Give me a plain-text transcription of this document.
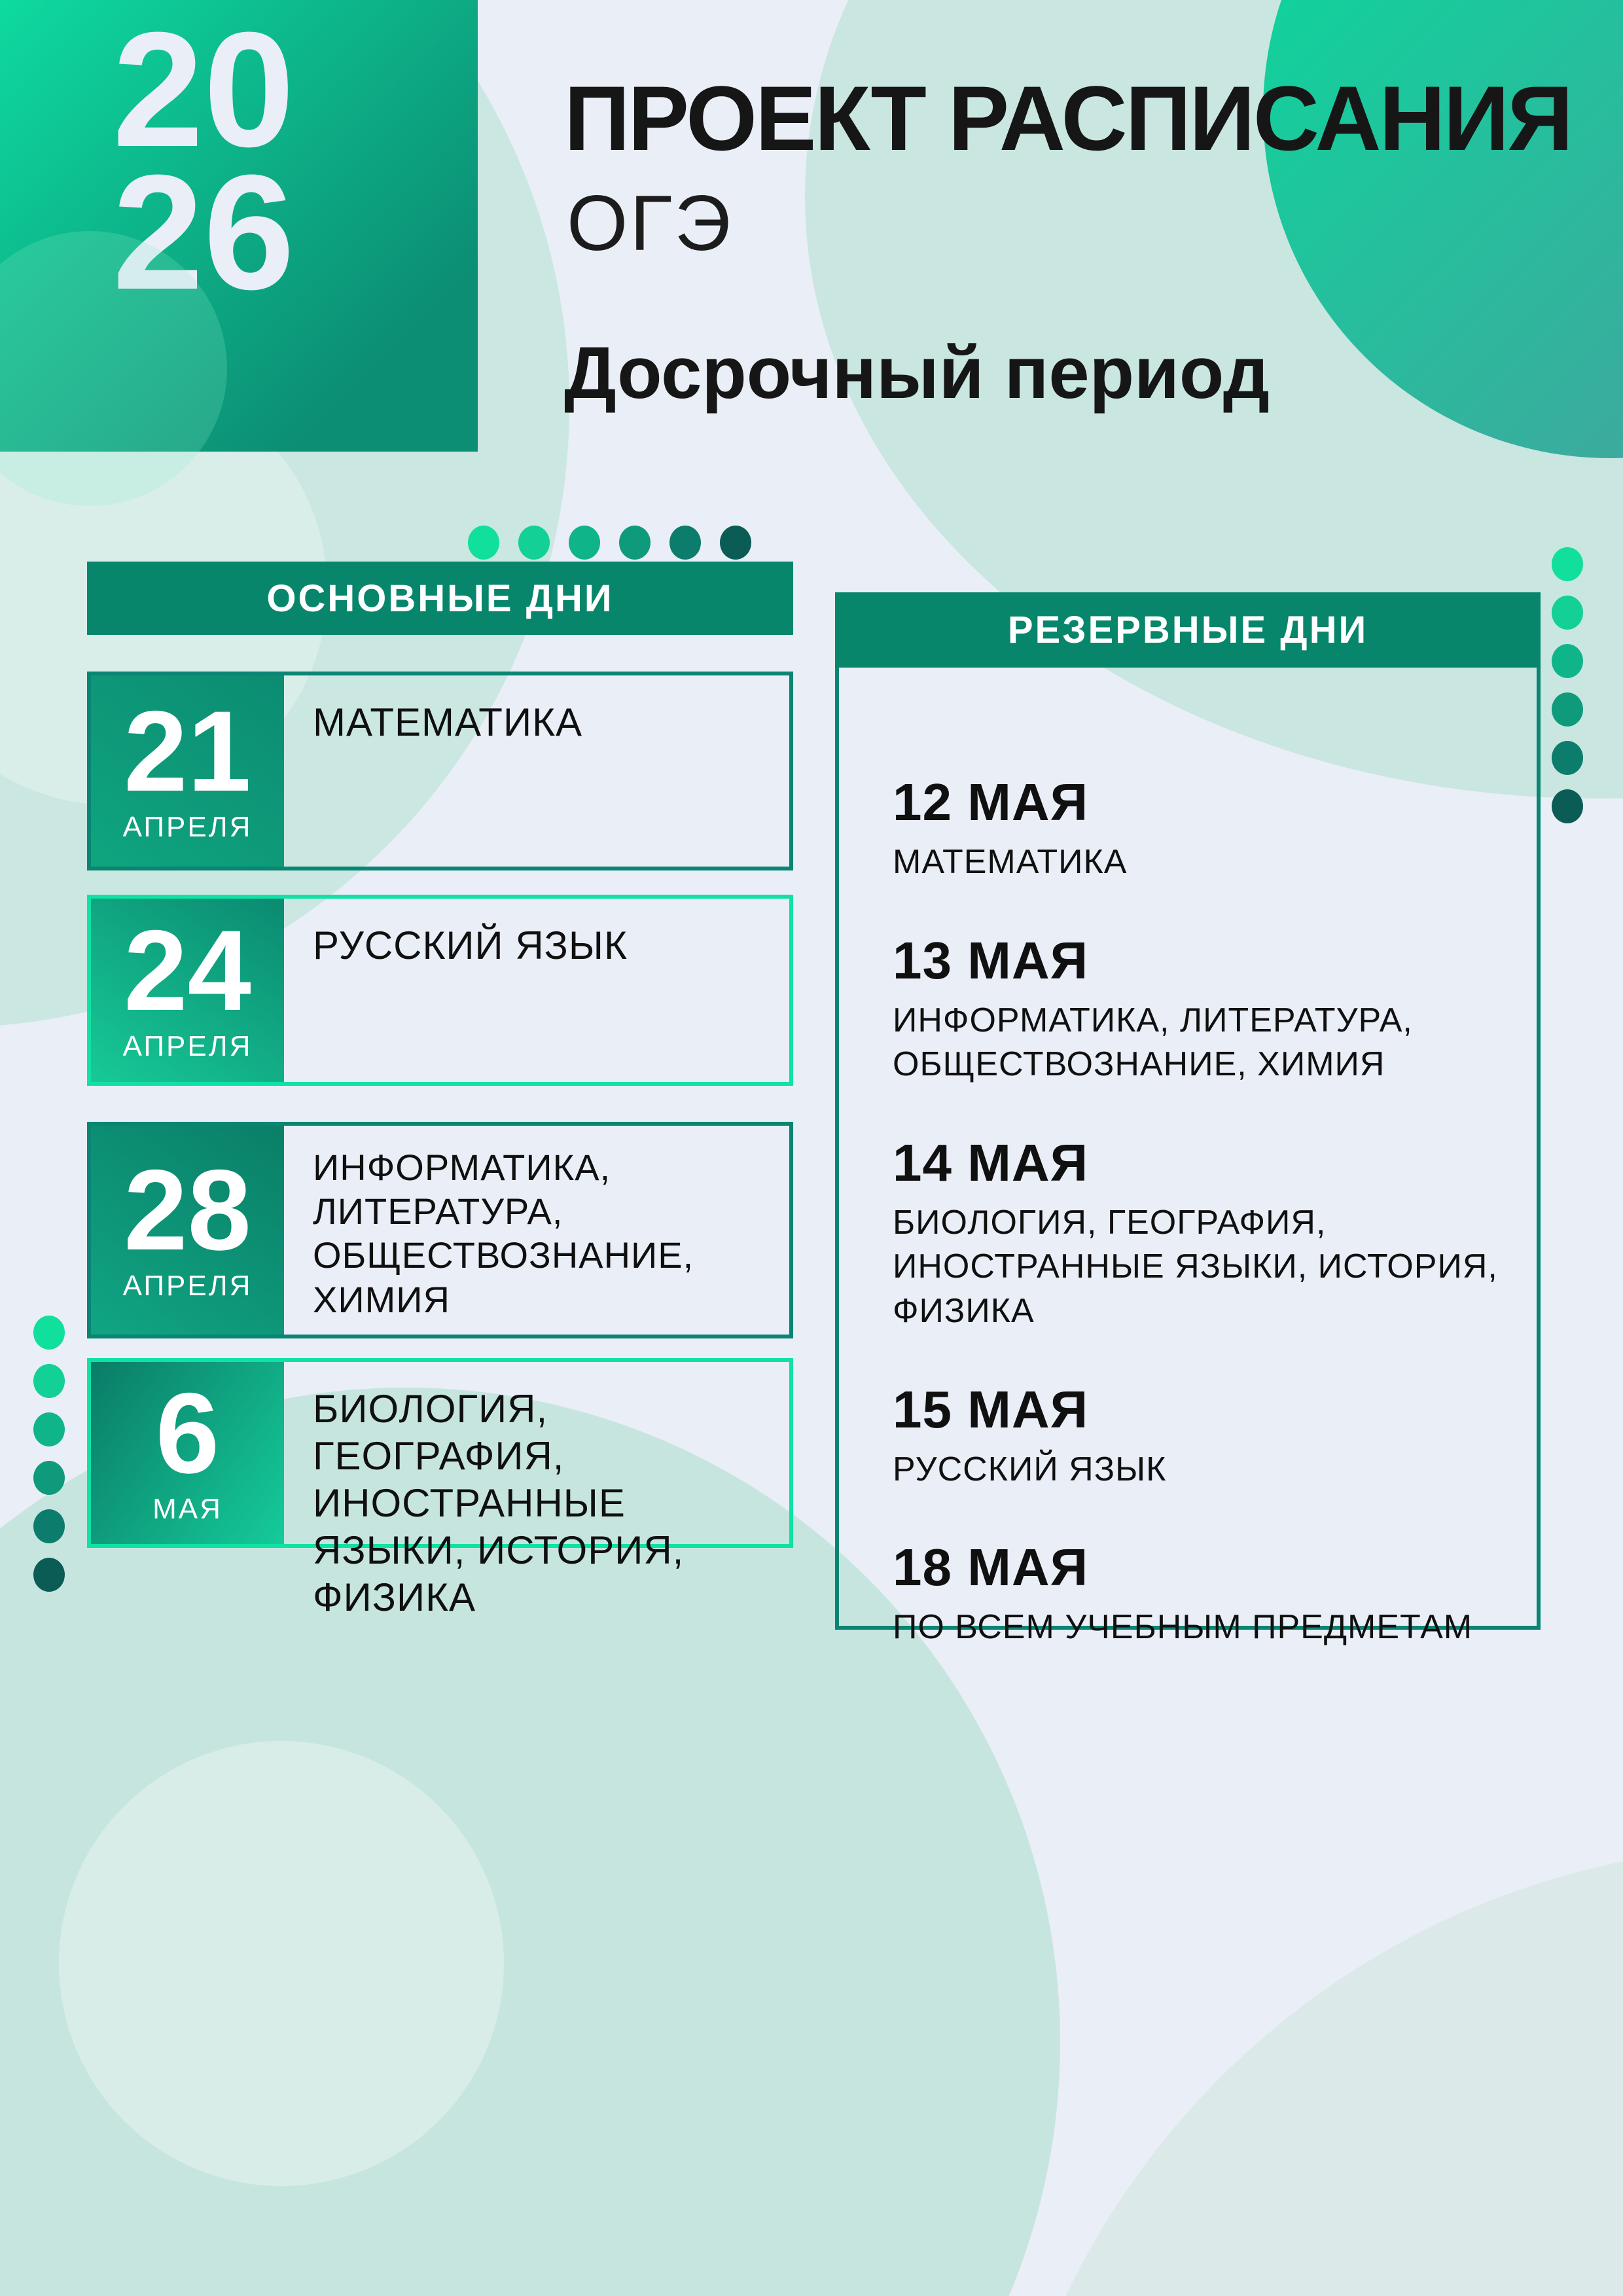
20
26
ПРОЕКТ РАСПИСАНИЯ
ОГЭ
Досрочный период
ОСНОВНЫЕ ДНИ
21
АПРЕЛЯ
МАТЕМАТИКА
24
АПРЕЛЯ
РУССКИЙ ЯЗЫК
28
АПРЕЛЯ
ИНФОРМАТИКА, ЛИТЕРАТУРА, ОБЩЕСТВОЗНАНИЕ, ХИМИЯ
6
МАЯ
БИОЛОГИЯ, ГЕОГРАФИЯ, ИНОСТРАННЫЕ ЯЗЫКИ, ИСТОРИЯ, ФИЗИКА
РЕЗЕРВНЫЕ ДНИ
12 МАЯ
МАТЕМАТИКА
13 МАЯ
ИНФОРМАТИКА, ЛИТЕРАТУРА, ОБЩЕСТВОЗНАНИЕ, ХИМИЯ
14 МАЯ
БИОЛОГИЯ, ГЕОГРАФИЯ, ИНОСТРАННЫЕ ЯЗЫКИ, ИСТОРИЯ, ФИЗИКА
15 МАЯ
РУССКИЙ ЯЗЫК
18 МАЯ
ПО ВСЕМ УЧЕБНЫМ ПРЕДМЕТАМ
